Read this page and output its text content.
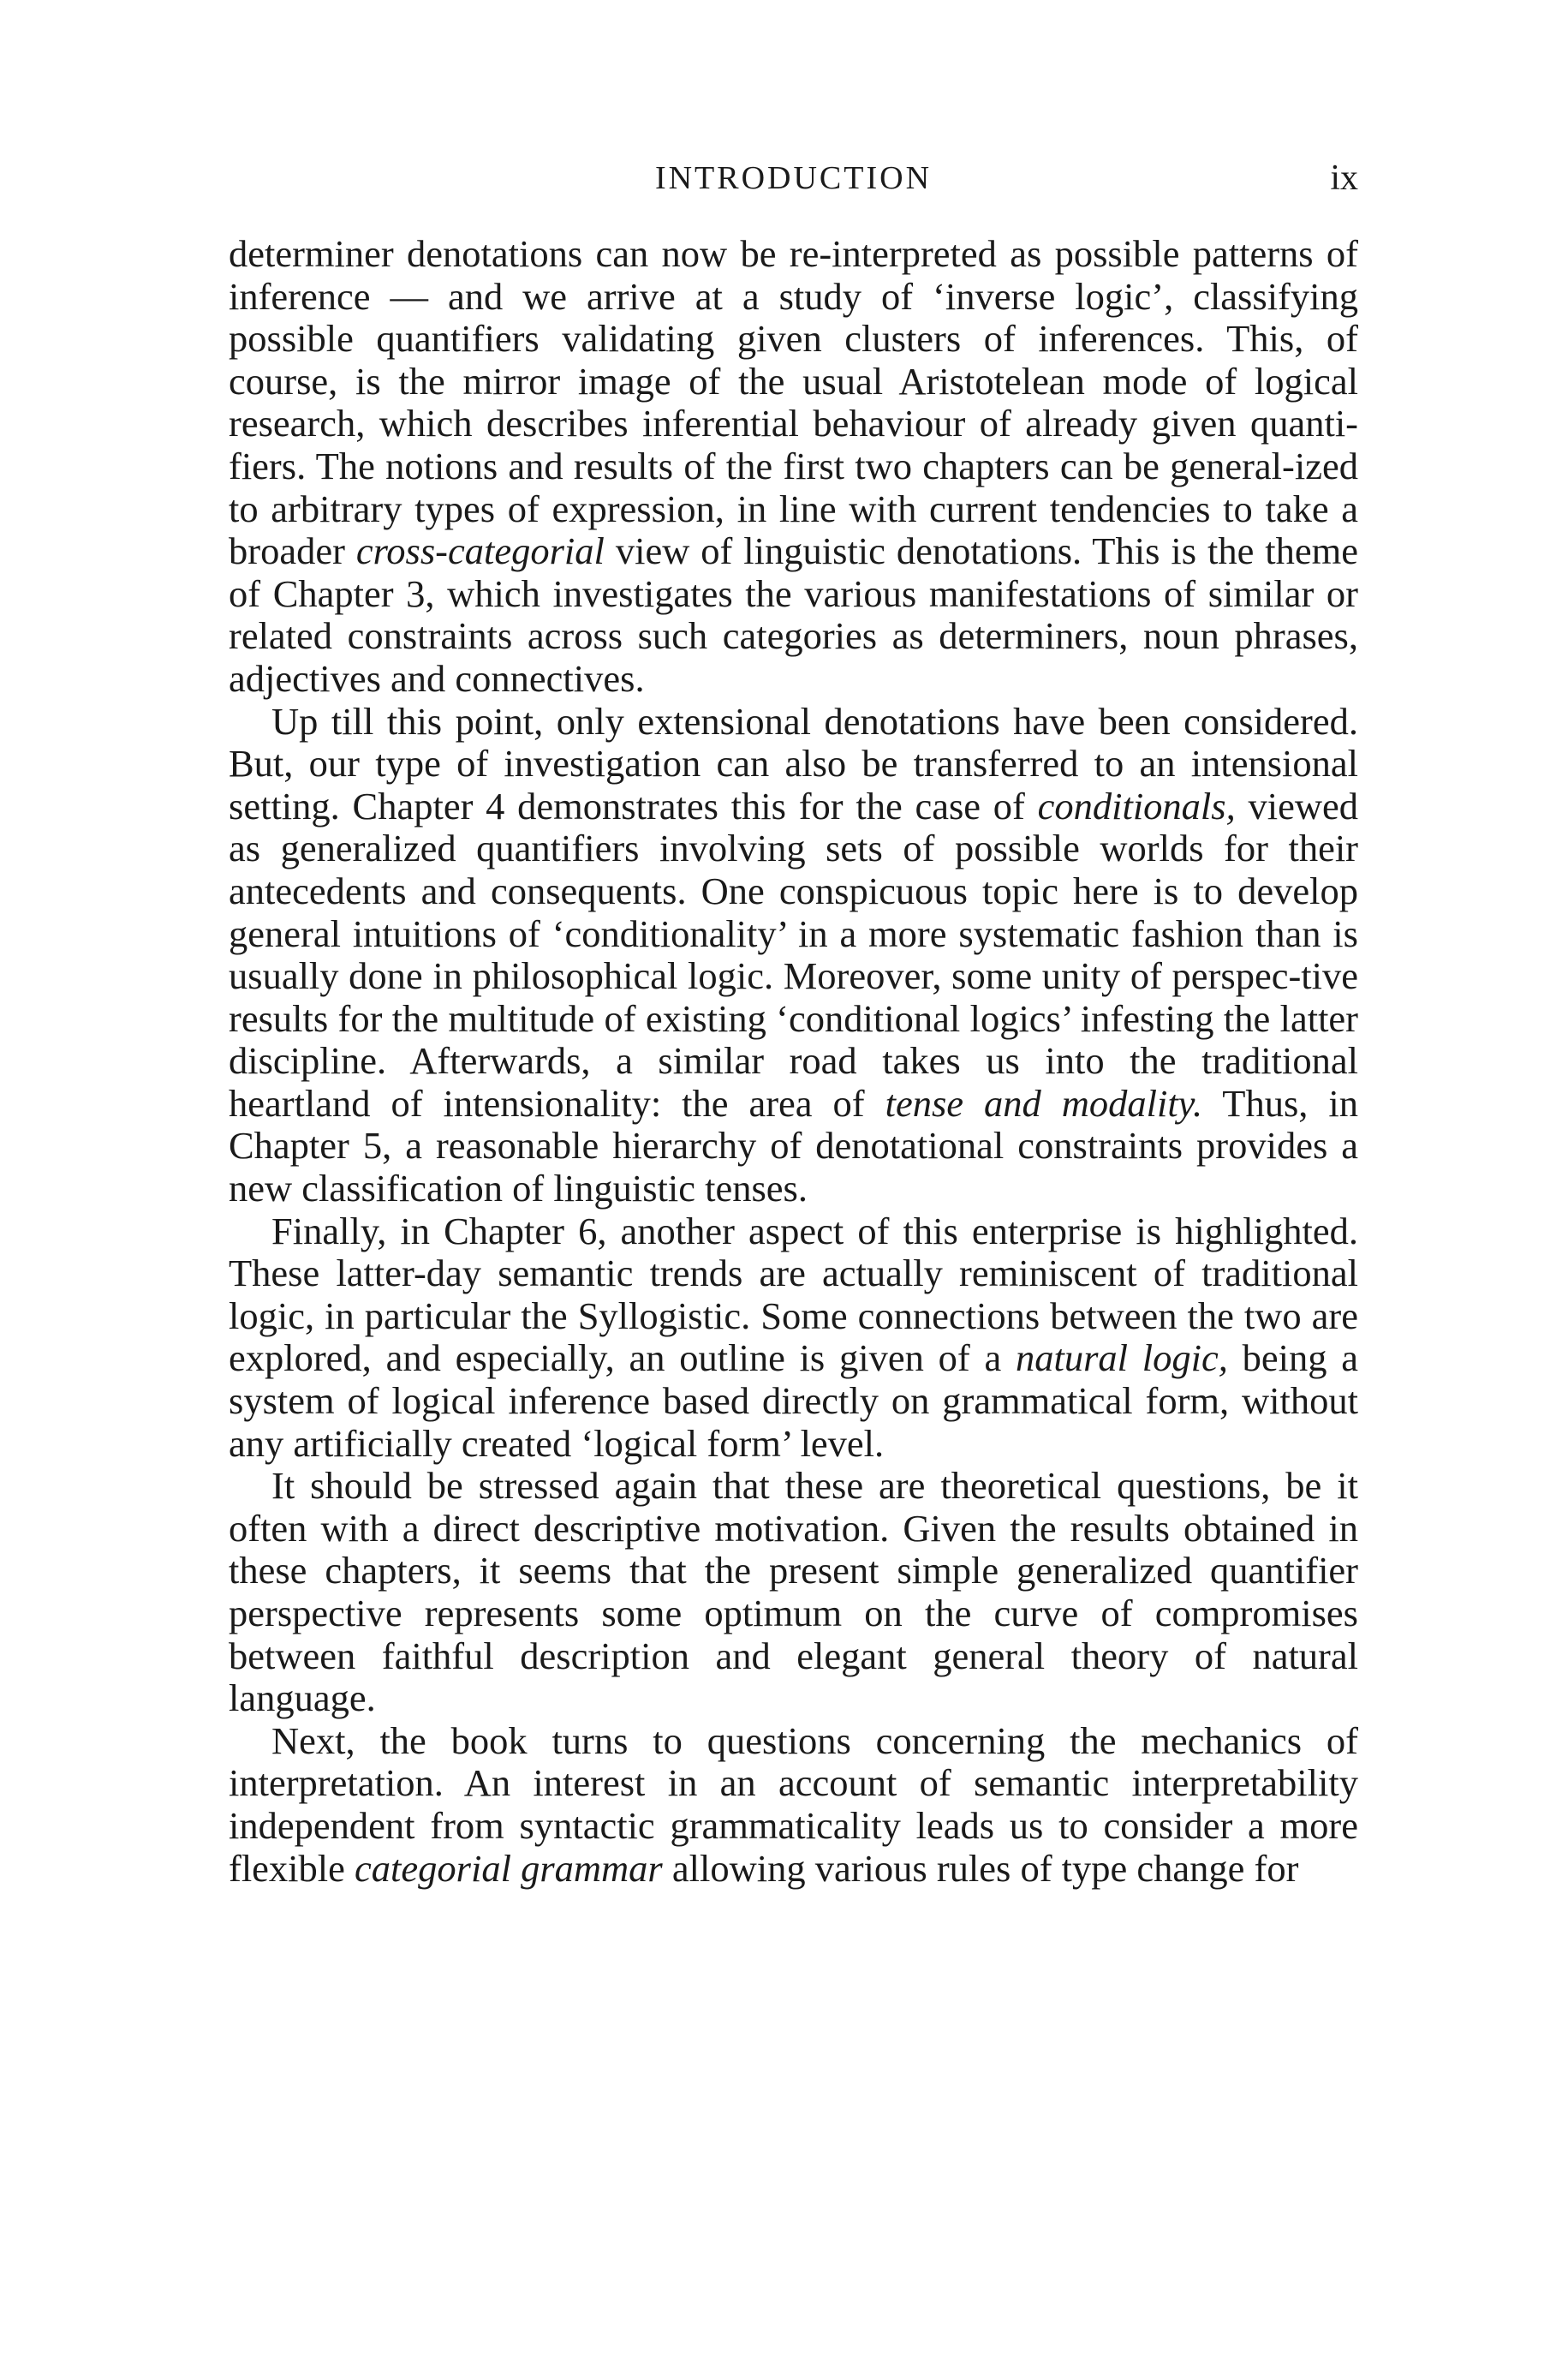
INTRODUCTION	ix

determiner denotations can now be re-interpreted as possible patterns of inference — and we arrive at a study of ‘inverse logic’, classifying possible quantifiers validating given clusters of inferences. This, of course, is the mirror image of the usual Aristotelean mode of logical research, which describes inferential behaviour of already given quanti-fiers. The notions and results of the first two chapters can be general-ized to arbitrary types of expression, in line with current tendencies to take a broader cross-categorial view of linguistic denotations. This is the theme of Chapter 3, which investigates the various manifestations of similar or related constraints across such categories as determiners, noun phrases, adjectives and connectives.

Up till this point, only extensional denotations have been considered. But, our type of investigation can also be transferred to an intensional setting. Chapter 4 demonstrates this for the case of conditionals, viewed as generalized quantifiers involving sets of possible worlds for their antecedents and consequents. One conspicuous topic here is to develop general intuitions of ‘conditionality’ in a more systematic fashion than is usually done in philosophical logic. Moreover, some unity of perspec-tive results for the multitude of existing ‘conditional logics’ infesting the latter discipline. Afterwards, a similar road takes us into the traditional heartland of intensionality: the area of tense and modality. Thus, in Chapter 5, a reasonable hierarchy of denotational constraints provides a new classification of linguistic tenses.

Finally, in Chapter 6, another aspect of this enterprise is highlighted. These latter-day semantic trends are actually reminiscent of traditional logic, in particular the Syllogistic. Some connections between the two are explored, and especially, an outline is given of a natural logic, being a system of logical inference based directly on grammatical form, without any artificially created ‘logical form’ level.

It should be stressed again that these are theoretical questions, be it often with a direct descriptive motivation. Given the results obtained in these chapters, it seems that the present simple generalized quantifier perspective represents some optimum on the curve of compromises between faithful description and elegant general theory of natural language.

Next, the book turns to questions concerning the mechanics of interpretation. An interest in an account of semantic interpretability independent from syntactic grammaticality leads us to consider a more flexible categorial grammar allowing various rules of type change for
